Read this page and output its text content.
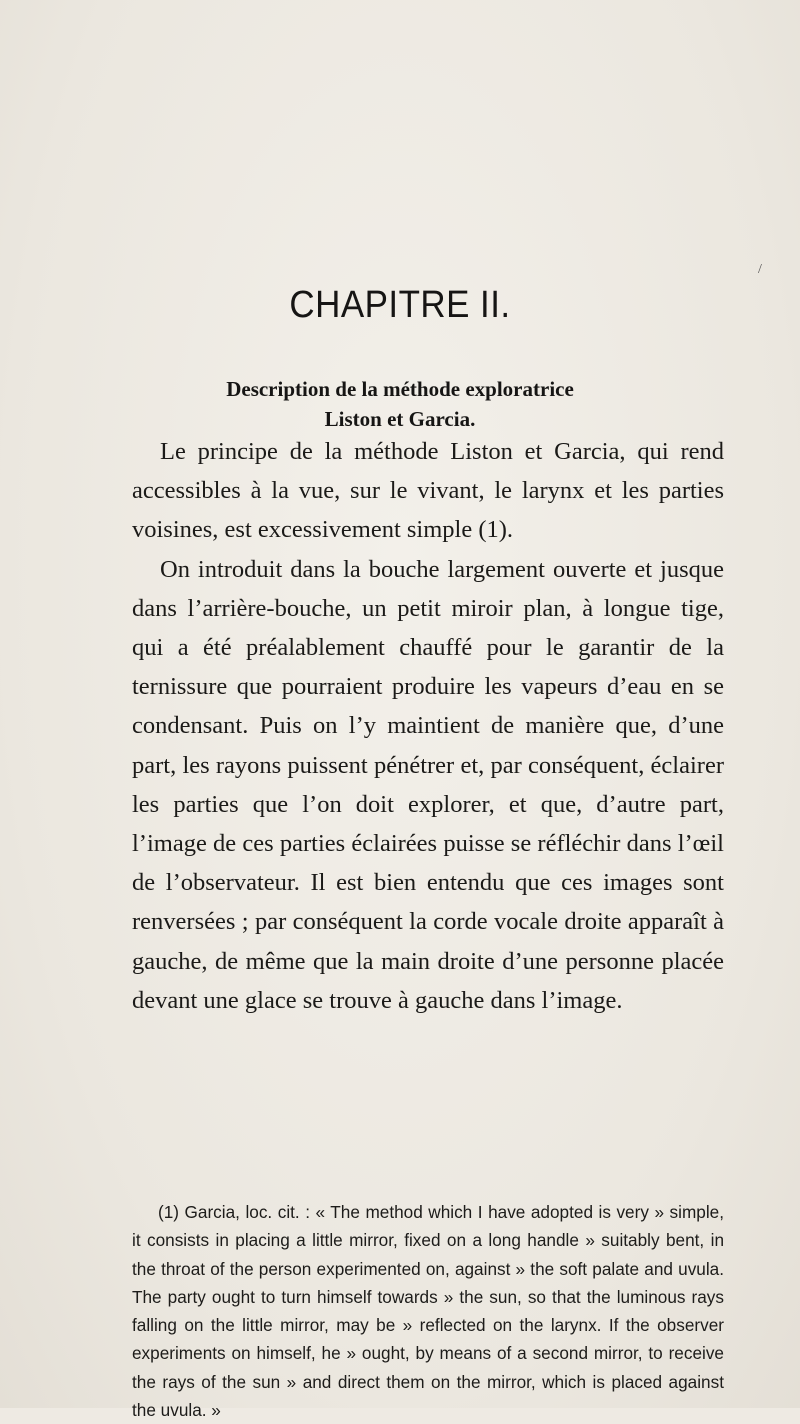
/
CHAPITRE II.
Description de la méthode exploratrice
Liston et Garcia.

Le principe de la méthode Liston et Garcia, qui rend accessibles à la vue, sur le vivant, le larynx et les parties voisines, est excessivement simple (1).

On introduit dans la bouche largement ouverte et jusque dans l’arrière-bouche, un petit miroir plan, à longue tige, qui a été préalablement chauffé pour le garantir de la ternissure que pourraient produire les vapeurs d’eau en se condensant. Puis on l’y maintient de manière que, d’une part, les rayons puissent pénétrer et, par conséquent, éclairer les parties que l’on doit explorer, et que, d’autre part, l’image de ces parties éclairées puisse se réfléchir dans l’œil de l’observateur. Il est bien entendu que ces images sont renversées ; par conséquent la corde vocale droite apparaît à gauche, de même que la main droite d’une personne placée devant une glace se trouve à gauche dans l’image.

(1) Garcia, loc. cit. : « The method which I have adopted is very » simple, it consists in placing a little mirror, fixed on a long handle » suitably bent, in the throat of the person experimented on, against » the soft palate and uvula. The party ought to turn himself towards » the sun, so that the luminous rays falling on the little mirror, may be » reflected on the larynx. If the observer experiments on himself, he » ought, by means of a second mirror, to receive the rays of the sun » and direct them on the mirror, which is placed against the uvula. »
